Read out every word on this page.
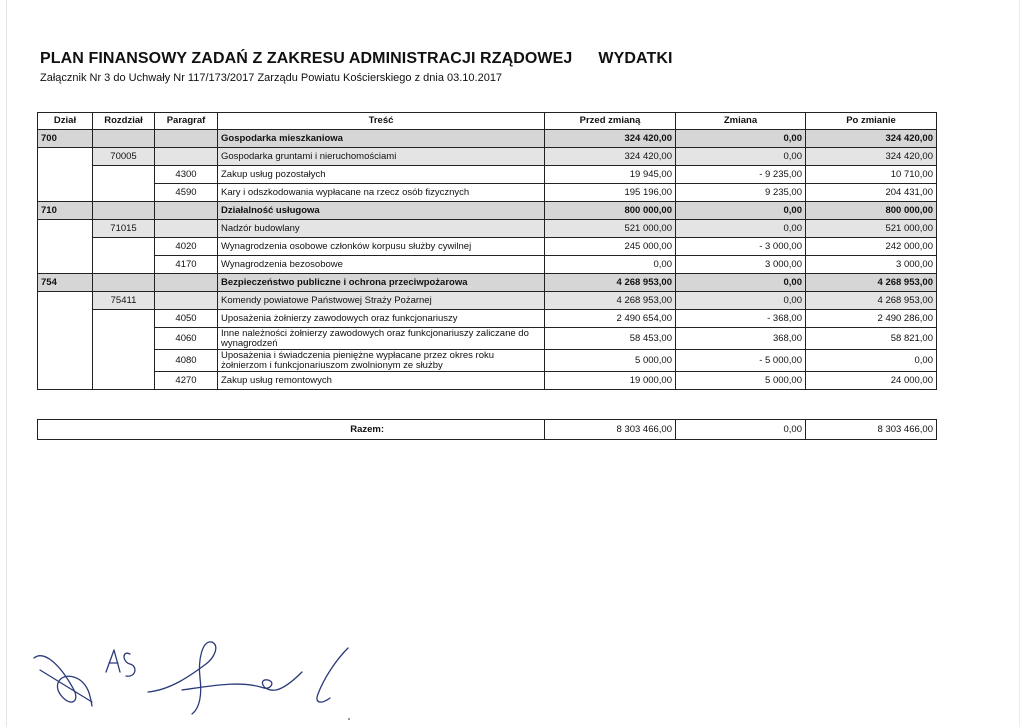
PLAN FINANSOWY ZADAŃ Z ZAKRESU ADMINISTRACJI RZĄDOWEJ WYDATKI
Załącznik Nr 3 do Uchwały Nr 117/173/2017 Zarządu Powiatu Kościerskiego z dnia 03.10.2017
Dział	Rozdział	Paragraf	Treść	Przed zmianą	Zmiana	Po zmianie
700			Gospodarka mieszkaniowa	324 420,00	0,00	324 420,00
	70005		Gospodarka gruntami i nieruchomościami	324 420,00	0,00	324 420,00
		4300	Zakup usług pozostałych	19 945,00	- 9 235,00	10 710,00
		4590	Kary i odszkodowania wypłacane na rzecz osób fizycznych	195 196,00	9 235,00	204 431,00
710			Działalność usługowa	800 000,00	0,00	800 000,00
	71015		Nadzór budowlany	521 000,00	0,00	521 000,00
		4020	Wynagrodzenia osobowe członków korpusu służby cywilnej	245 000,00	- 3 000,00	242 000,00
		4170	Wynagrodzenia bezosobowe	0,00	3 000,00	3 000,00
754			Bezpieczeństwo publiczne i ochrona przeciwpożarowa	4 268 953,00	0,00	4 268 953,00
	75411		Komendy powiatowe Państwowej Straży Pożarnej	4 268 953,00	0,00	4 268 953,00
		4050	Uposażenia żołnierzy zawodowych oraz funkcjonariuszy	2 490 654,00	- 368,00	2 490 286,00
		4060	Inne należności żołnierzy zawodowych oraz funkcjonariuszy zaliczane do wynagrodzeń	58 453,00	368,00	58 821,00
		4080	Uposażenia i świadczenia pieniężne wypłacane przez okres roku żołnierzom i funkcjonariuszom zwolnionym ze służby	5 000,00	- 5 000,00	0,00
		4270	Zakup usług remontowych	19 000,00	5 000,00	24 000,00
Razem:	8 303 466,00	0,00	8 303 466,00
